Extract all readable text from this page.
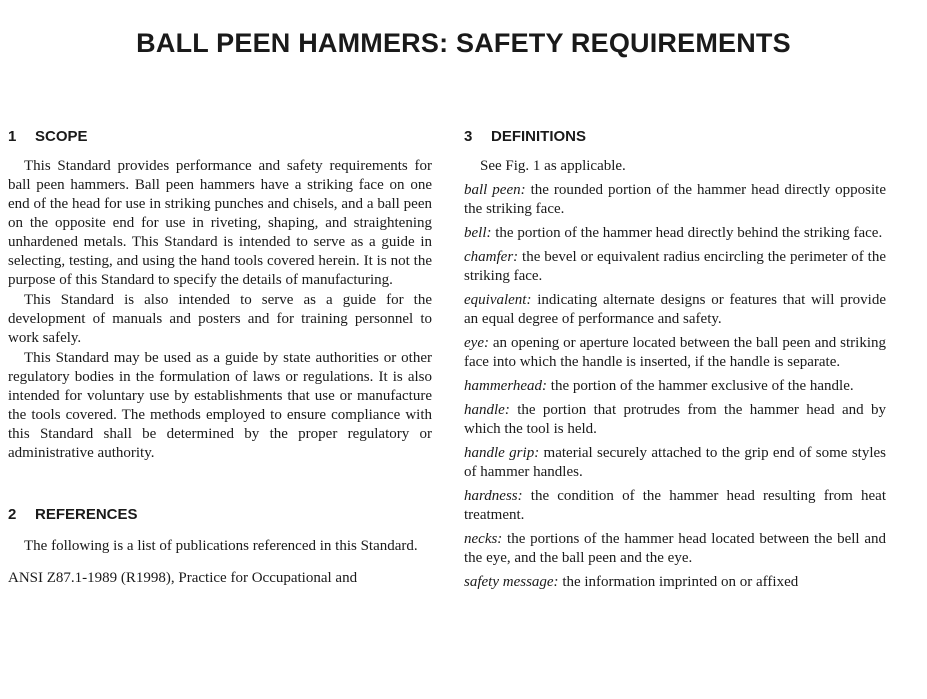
BALL PEEN HAMMERS: SAFETY REQUIREMENTS
1 SCOPE

This Standard provides performance and safety requirements for ball peen hammers. Ball peen hammers have a striking face on one end of the head for use in striking punches and chisels, and a ball peen on the opposite end for use in riveting, shaping, and straightening unhardened metals. This Standard is intended to serve as a guide in selecting, testing, and using the hand tools covered herein. It is not the purpose of this Standard to specify the details of manufacturing.

This Standard is also intended to serve as a guide for the development of manuals and posters and for training personnel to work safely.

This Standard may be used as a guide by state authorities or other regulatory bodies in the formulation of laws or regulations. It is also intended for voluntary use by establishments that use or manufacture the tools covered. The methods employed to ensure compliance with this Standard shall be determined by the proper regulatory or administrative authority.

2 REFERENCES

The following is a list of publications referenced in this Standard.

ANSI Z87.1-1989 (R1998), Practice for Occupational and

3 DEFINITIONS

See Fig. 1 as applicable.

ball peen: the rounded portion of the hammer head directly opposite the striking face.

bell: the portion of the hammer head directly behind the striking face.

chamfer: the bevel or equivalent radius encircling the perimeter of the striking face.

equivalent: indicating alternate designs or features that will provide an equal degree of performance and safety.

eye: an opening or aperture located between the ball peen and striking face into which the handle is inserted, if the handle is separate.

hammerhead: the portion of the hammer exclusive of the handle.

handle: the portion that protrudes from the hammer head and by which the tool is held.

handle grip: material securely attached to the grip end of some styles of hammer handles.

hardness: the condition of the hammer head resulting from heat treatment.

necks: the portions of the hammer head located between the bell and the eye, and the ball peen and the eye.

safety message: the information imprinted on or affixed
